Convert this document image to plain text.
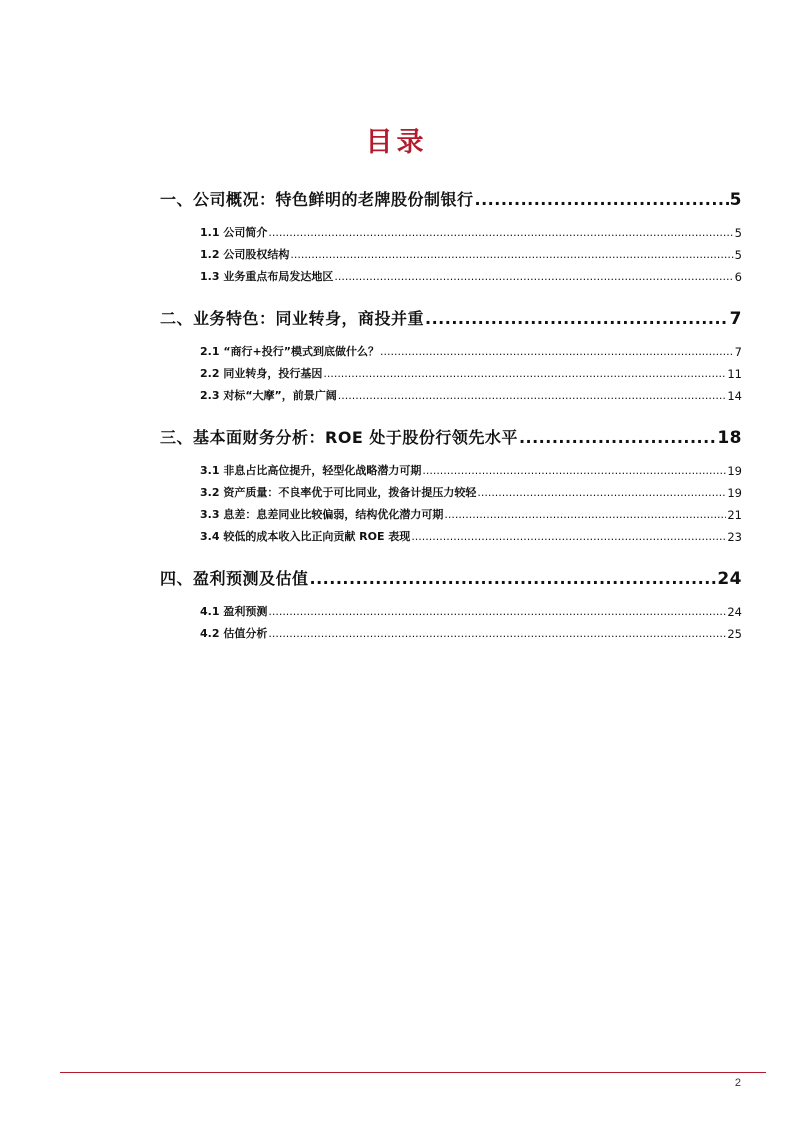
目录
一、公司概况：特色鲜明的老牌股份制银行 .....	5
1.1 公司简介 .....	5
1.2 公司股权结构 .....	5
1.3 业务重点布局发达地区 .....	6
二、业务特色：同业转身，商投并重 .....	7
2.1 “商行+投行”模式到底做什么？ .....	7
2.2 同业转身，投行基因 .....	11
2.3 对标“大摩”，前景广阔 .....	14
三、基本面财务分析：ROE 处于股份行领先水平 .....	18
3.1 非息占比高位提升，轻型化战略潜力可期 .....	19
3.2 资产质量：不良率优于可比同业，拨备计提压力较轻 .....	19
3.3 息差：息差同业比较偏弱，结构优化潜力可期 .....	21
3.4 较低的成本收入比正向贡献 ROE 表现 .....	23
四、盈利预测及估值 .....	24
4.1 盈利预测 .....	24
4.2 估值分析 .....	25
2
